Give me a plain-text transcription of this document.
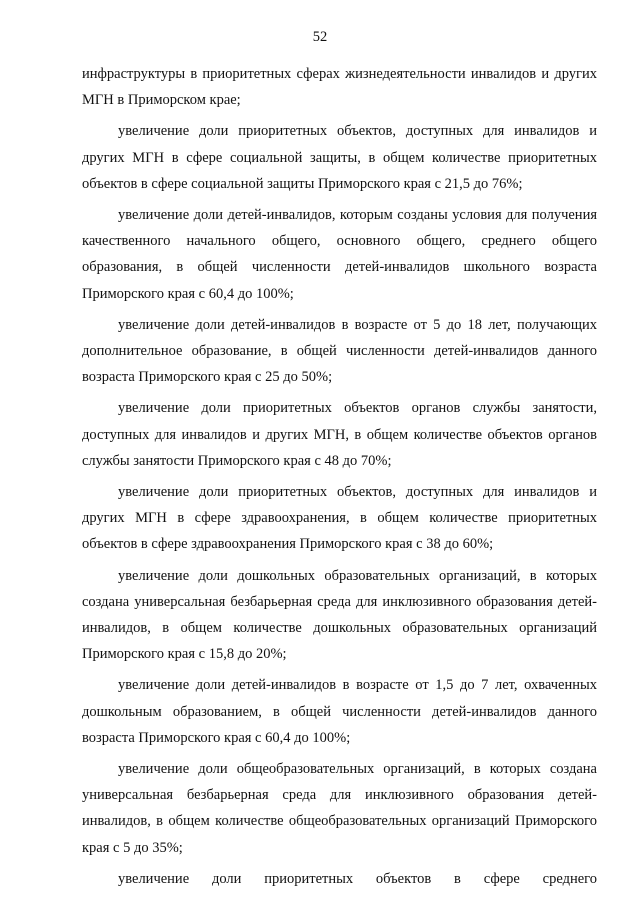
52

инфраструктуры в приоритетных сферах жизнедеятельности инвалидов и других МГН в Приморском крае;

увеличение доли приоритетных объектов, доступных для инвалидов и других МГН в сфере социальной защиты, в общем количестве приоритетных объектов в сфере социальной защиты Приморского края с 21,5 до 76%;

увеличение доли детей-инвалидов, которым созданы условия для получения качественного начального общего, основного общего, среднего общего образования, в общей численности детей-инвалидов школьного возраста Приморского края с 60,4 до 100%;

увеличение доли детей-инвалидов в возрасте от 5 до 18 лет, получающих дополнительное образование, в общей численности детей-инвалидов данного возраста Приморского края с 25 до 50%;

увеличение доли приоритетных объектов органов службы занятости, доступных для инвалидов и других МГН, в общем количестве объектов органов службы занятости Приморского края с 48 до 70%;

увеличение доли приоритетных объектов, доступных для инвалидов и других МГН в сфере здравоохранения, в общем количестве приоритетных объектов в сфере здравоохранения Приморского края с 38 до 60%;

увеличение доли дошкольных образовательных организаций, в которых создана универсальная безбарьерная среда для инклюзивного образования детей-инвалидов, в общем количестве дошкольных образовательных организаций Приморского края с 15,8 до 20%;

увеличение доли детей-инвалидов в возрасте от 1,5 до 7 лет, охваченных дошкольным образованием, в общей численности детей-инвалидов данного возраста Приморского края с 60,4 до 100%;

увеличение доли общеобразовательных организаций, в которых создана универсальная безбарьерная среда для инклюзивного образования детей-инвалидов, в общем количестве общеобразовательных организаций Приморского края с 5 до 35%;

увеличение доли приоритетных объектов в сфере среднего
